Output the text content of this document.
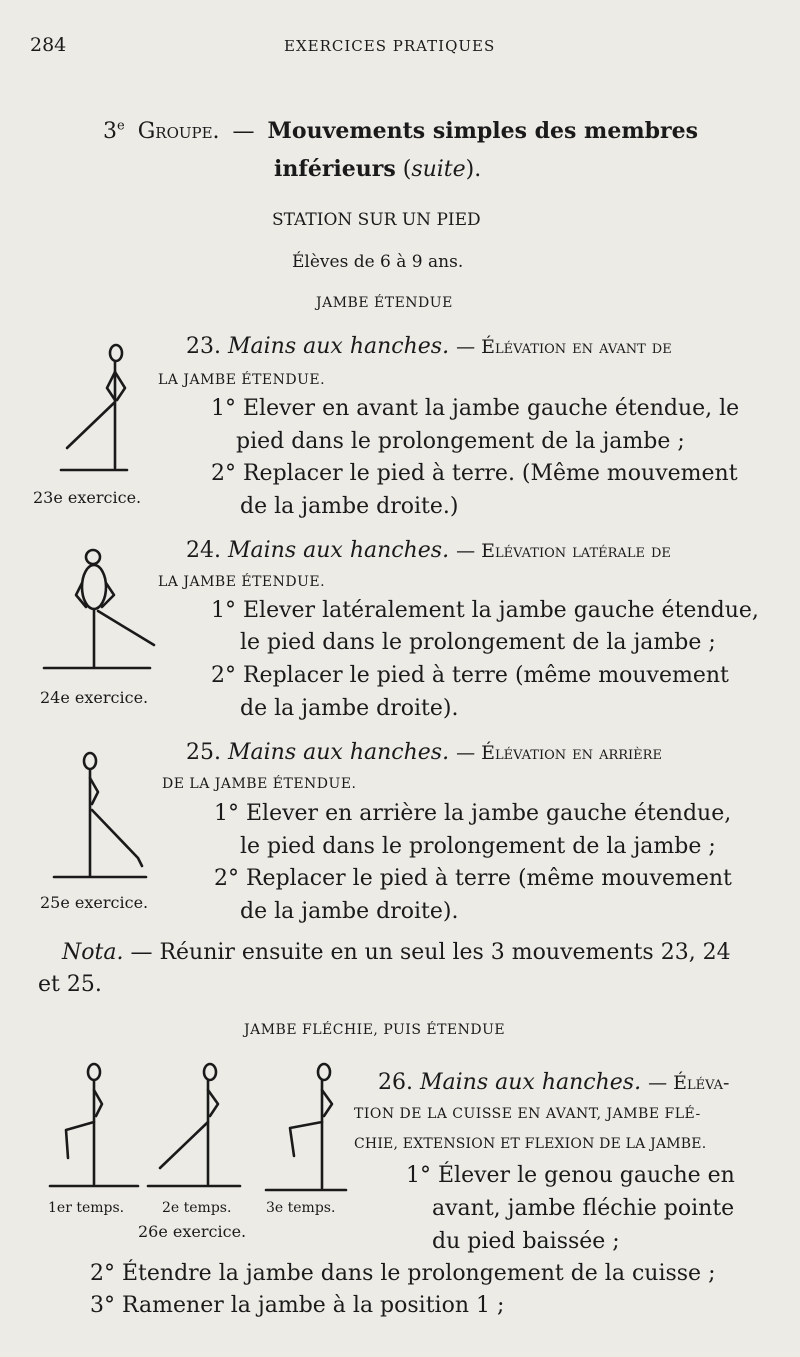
284	EXERCICES PRATIQUES
3e Groupe. — Mouvements simples des membres
inférieurs (suite).
STATION SUR UN PIED
Élèves de 6 à 9 ans.
JAMBE ÉTENDUE
23. Mains aux hanches. — Élévation en avant de
LA JAMBE ÉTENDUE.
1° Elever en avant la jambe gauche étendue, le
pied dans le prolongement de la jambe ;
2° Replacer le pied à terre. (Même mouvement
de la jambe droite.)
23e exercice.
24. Mains aux hanches. — Elévation latérale de
LA JAMBE ÉTENDUE.
1° Elever latéralement la jambe gauche étendue,
le pied dans le prolongement de la jambe ;
2° Replacer le pied à terre (même mouvement
de la jambe droite).
24e exercice.
25. Mains aux hanches. — Élévation en arrière
DE LA JAMBE ÉTENDUE.
1° Elever en arrière la jambe gauche étendue,
le pied dans le prolongement de la jambe ;
2° Replacer le pied à terre (même mouvement
de la jambe droite).
25e exercice.
Nota. — Réunir ensuite en un seul les 3 mouvements 23, 24
et 25.
JAMBE FLÉCHIE, PUIS ÉTENDUE
26. Mains aux hanches. — Éléva-
TION DE LA CUISSE EN AVANT, JAMBE FLÉ-
CHIE, EXTENSION ET FLEXION DE LA JAMBE.
1° Élever le genou gauche en
avant, jambe fléchie pointe
du pied baissée ;
2° Étendre la jambe dans le prolongement de la cuisse ;
3° Ramener la jambe à la position 1 ;
1er temps.	2e temps. 3e temps.
26e exercice.
